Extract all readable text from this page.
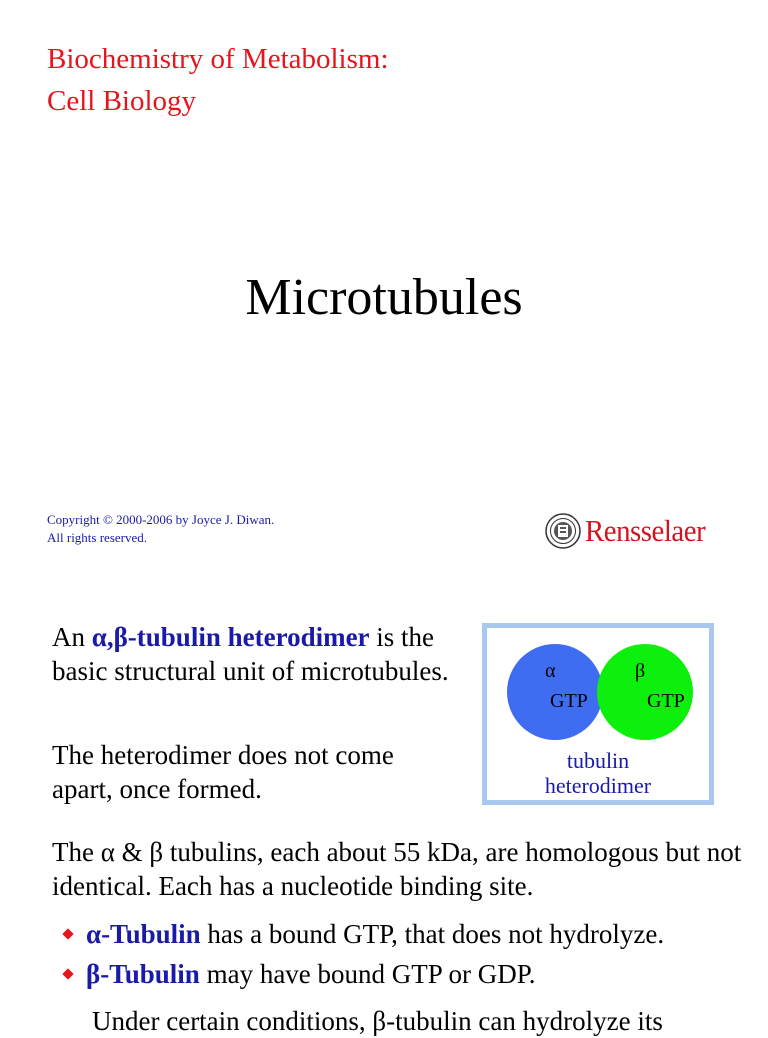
Biochemistry of Metabolism:
Cell Biology
Microtubules
Copyright © 2000-2006 by Joyce J. Diwan.
All rights reserved.	Rensselaer
An α,β-tubulin heterodimer is the basic structural unit of microtubules.
The heterodimer does not come apart, once formed.
α
GTP
β
GTP
tubulin
heterodimer
The α & β tubulins, each about 55 kDa, are homologous but not identical. Each has a nucleotide binding site.
α-Tubulin has a bound GTP, that does not hydrolyze.
β-Tubulin may have bound GTP or GDP.
Under certain conditions, β-tubulin can hydrolyze its
